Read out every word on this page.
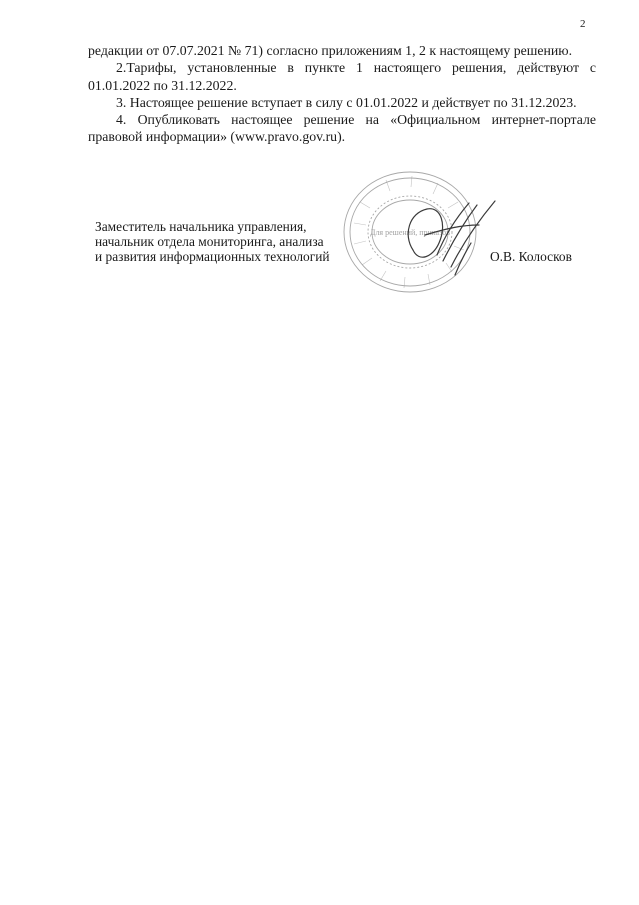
2

редакции от 07.07.2021 № 71) согласно приложениям 1, 2 к настоящему решению.

2.Тарифы, установленные в пункте 1 настоящего решения, действуют с 01.01.2022 по 31.12.2022.

3. Настоящее решение вступает в силу с 01.01.2022 и действует по 31.12.2023.

4. Опубликовать настоящее решение на «Официальном интернет-портале правовой информации» (www.pravo.gov.ru).

Заместитель начальника управления,
начальник отдела мониторинга, анализа
и развития информационных технологий
Для решений, приказов
О.В. Колосков
